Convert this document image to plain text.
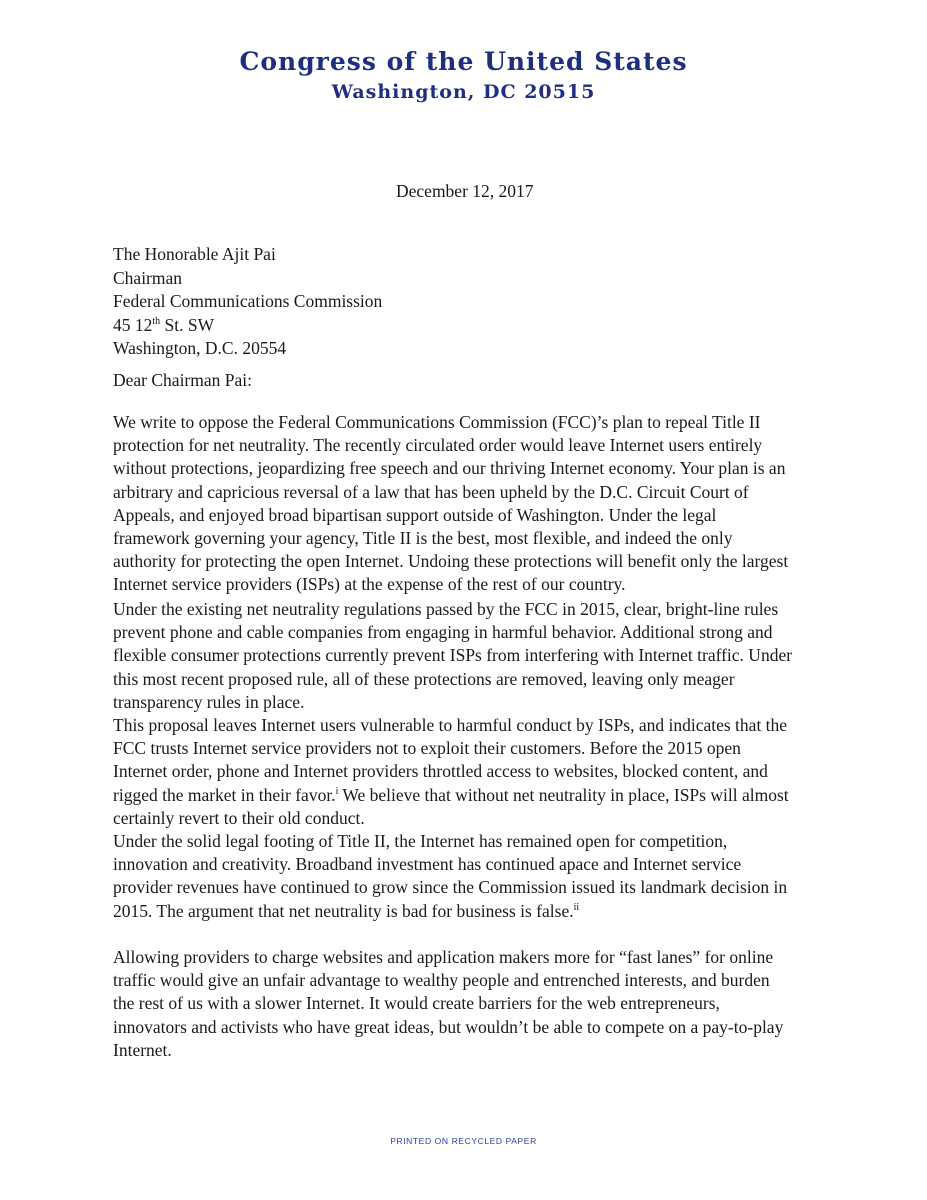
Congress of the United States
Washington, DC 20515
December 12, 2017
The Honorable Ajit Pai
Chairman
Federal Communications Commission
45 12th St. SW
Washington, D.C. 20554
Dear Chairman Pai:
We write to oppose the Federal Communications Commission (FCC)’s plan to repeal Title II
protection for net neutrality. The recently circulated order would leave Internet users entirely
without protections, jeopardizing free speech and our thriving Internet economy. Your plan is an
arbitrary and capricious reversal of a law that has been upheld by the D.C. Circuit Court of
Appeals, and enjoyed broad bipartisan support outside of Washington. Under the legal
framework governing your agency, Title II is the best, most flexible, and indeed the only
authority for protecting the open Internet. Undoing these protections will benefit only the largest
Internet service providers (ISPs) at the expense of the rest of our country.
Under the existing net neutrality regulations passed by the FCC in 2015, clear, bright-line rules
prevent phone and cable companies from engaging in harmful behavior. Additional strong and
flexible consumer protections currently prevent ISPs from interfering with Internet traffic. Under
this most recent proposed rule, all of these protections are removed, leaving only meager
transparency rules in place.
This proposal leaves Internet users vulnerable to harmful conduct by ISPs, and indicates that the
FCC trusts Internet service providers not to exploit their customers. Before the 2015 open
Internet order, phone and Internet providers throttled access to websites, blocked content, and
rigged the market in their favor.$^i$ We believe that without net neutrality in place, ISPs will almost
certainly revert to their old conduct.
Under the solid legal footing of Title II, the Internet has remained open for competition,
innovation and creativity. Broadband investment has continued apace and Internet service
provider revenues have continued to grow since the Commission issued its landmark decision in
2015. The argument that net neutrality is bad for business is false.$^{ii}$
Allowing providers to charge websites and application makers more for “fast lanes” for online
traffic would give an unfair advantage to wealthy people and entrenched interests, and burden
the rest of us with a slower Internet. It would create barriers for the web entrepreneurs,
innovators and activists who have great ideas, but wouldn’t be able to compete on a pay-to-play
Internet.
PRINTED ON RECYCLED PAPER
